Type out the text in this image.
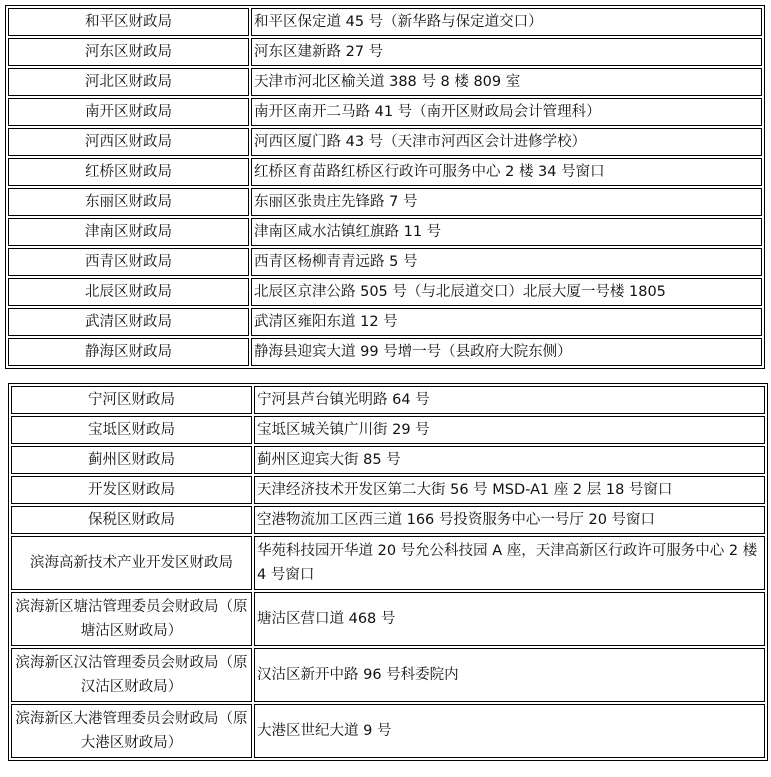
和平区财政局	和平区保定道 45 号（新华路与保定道交口）
河东区财政局	河东区建新路 27 号
河北区财政局	天津市河北区榆关道 388 号 8 楼 809 室
南开区财政局	南开区南开二马路 41 号（南开区财政局会计管理科）
河西区财政局	河西区厦门路 43 号（天津市河西区会计进修学校）
红桥区财政局	红桥区育苗路红桥区行政许可服务中心 2 楼 34 号窗口
东丽区财政局	东丽区张贵庄先锋路 7 号
津南区财政局	津南区咸水沽镇红旗路 11 号
西青区财政局	西青区杨柳青青远路 5 号
北辰区财政局	北辰区京津公路 505 号（与北辰道交口）北辰大厦一号楼 1805
武清区财政局	武清区雍阳东道 12 号
静海区财政局	静海县迎宾大道 99 号增一号（县政府大院东侧）
宁河区财政局	宁河县芦台镇光明路 64 号
宝坻区财政局	宝坻区城关镇广川街 29 号
蓟州区财政局	蓟州区迎宾大街 85 号
开发区财政局	天津经济技术开发区第二大街 56 号 MSD-A1 座 2 层 18 号窗口
保税区财政局	空港物流加工区西三道 166 号投资服务中心一号厅 20 号窗口
滨海高新技术产业开发区财政局	华苑科技园开华道 20 号允公科技园 A 座，天津高新区行政许可服务中心 2 楼 4 号窗口
滨海新区塘沽管理委员会财政局（原塘沽区财政局）	塘沽区营口道 468 号
滨海新区汉沽管理委员会财政局（原汉沽区财政局）	汉沽区新开中路 96 号科委院内
滨海新区大港管理委员会财政局（原大港区财政局）	大港区世纪大道 9 号
